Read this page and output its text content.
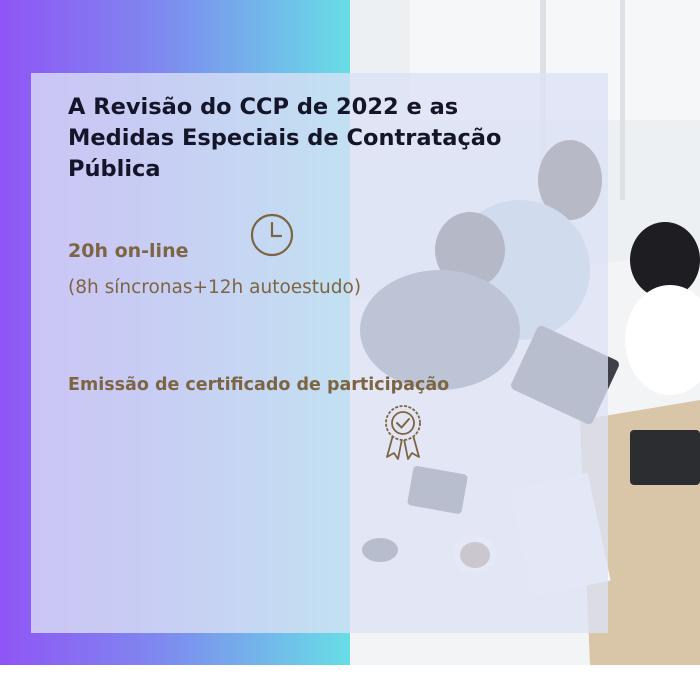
A Revisão do CCP de 2022 e as Medidas Especiais de Contratação Pública

20h on-line

(8h síncronas+12h autoestudo)

Emissão de certificado de participação
